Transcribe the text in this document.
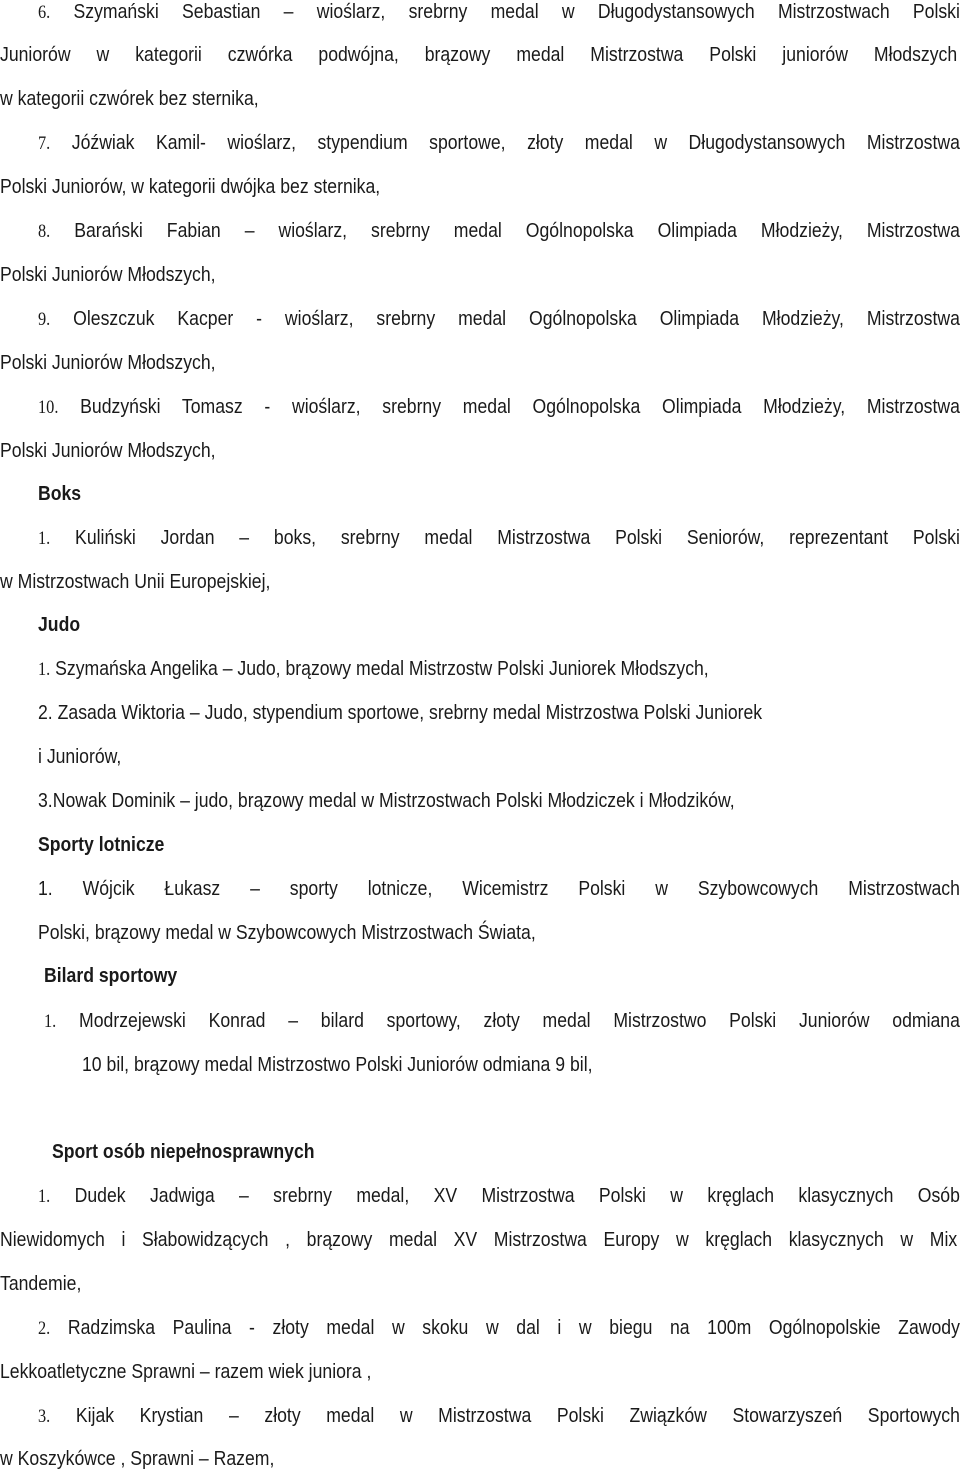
6. Szymański Sebastian – wioślarz, srebrny medal w Długodystansowych Mistrzostwach Polski
Juniorów w kategorii czwórka podwójna, brązowy medal Mistrzostwa Polski juniorów Młodszych
w kategorii czwórek bez sternika,
7. Jóźwiak Kamil- wioślarz, stypendium sportowe, złoty medal w Długodystansowych Mistrzostwa
Polski Juniorów, w kategorii dwójka bez sternika,
8. Barański Fabian – wioślarz, srebrny medal Ogólnopolska Olimpiada Młodzieży, Mistrzostwa
Polski Juniorów Młodszych,
9. Oleszczuk Kacper - wioślarz, srebrny medal Ogólnopolska Olimpiada Młodzieży, Mistrzostwa
Polski Juniorów Młodszych,
10. Budzyński Tomasz - wioślarz, srebrny medal Ogólnopolska Olimpiada Młodzieży, Mistrzostwa
Polski Juniorów Młodszych,
Boks
1. Kuliński Jordan – boks, srebrny medal Mistrzostwa Polski Seniorów, reprezentant Polski
w Mistrzostwach Unii Europejskiej,
Judo
1. Szymańska Angelika – Judo, brązowy medal Mistrzostw Polski Juniorek Młodszych,
2. Zasada Wiktoria – Judo, stypendium sportowe, srebrny medal Mistrzostwa Polski Juniorek
i Juniorów,
3.Nowak Dominik – judo, brązowy medal w Mistrzostwach Polski Młodziczek i Młodzików,
Sporty lotnicze
1. Wójcik Łukasz – sporty lotnicze, Wicemistrz Polski w Szybowcowych Mistrzostwach
Polski, brązowy medal w Szybowcowych Mistrzostwach Świata,
Bilard sportowy
1. Modrzejewski Konrad – bilard sportowy, złoty medal Mistrzostwo Polski Juniorów odmiana
10 bil, brązowy medal Mistrzostwo Polski Juniorów odmiana 9 bil,
Sport osób niepełnosprawnych
1. Dudek Jadwiga – srebrny medal, XV Mistrzostwa Polski w kręglach klasycznych Osób
Niewidomych i Słabowidzących , brązowy medal XV Mistrzostwa Europy w kręglach klasycznych w Mix
Tandemie,
2. Radzimska Paulina - złoty medal w skoku w dal i w biegu na 100m Ogólnopolskie Zawody
Lekkoatletyczne Sprawni – razem wiek juniora ,
3. Kijak Krystian – złoty medal w Mistrzostwa Polski Związków Stowarzyszeń Sportowych
w Koszykówce , Sprawni – Razem,
